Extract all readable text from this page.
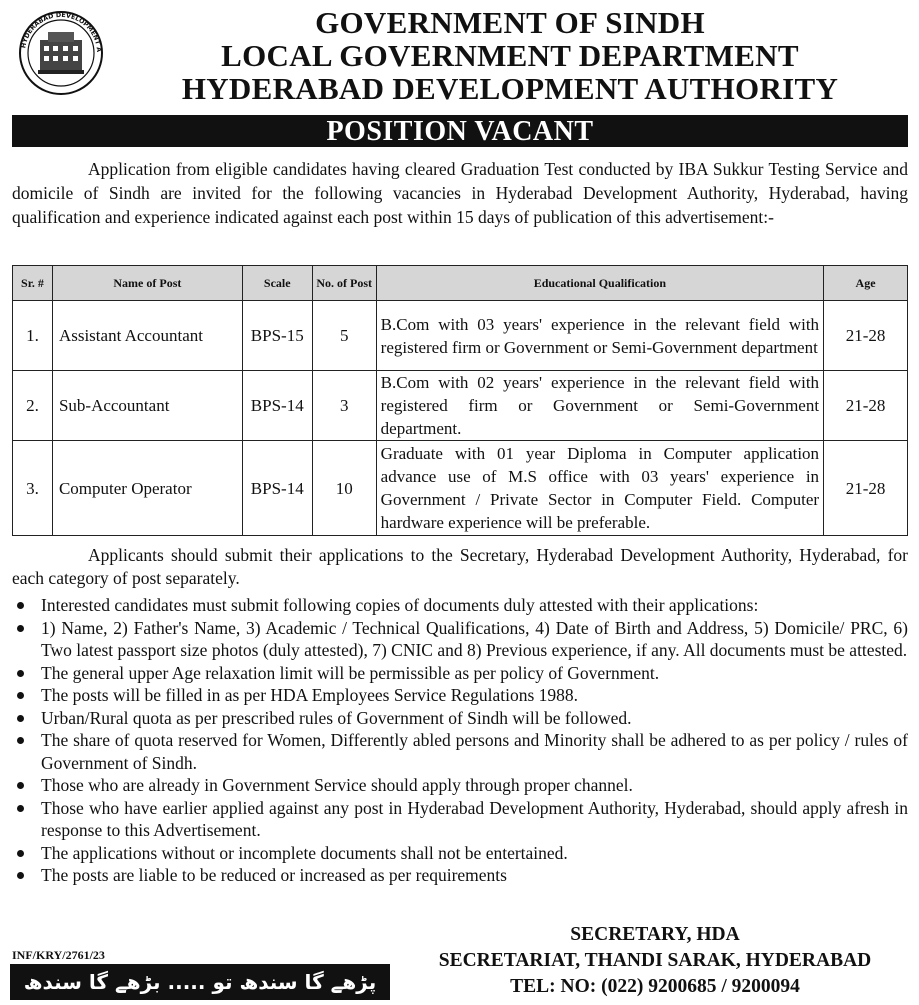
HYDERABAD DEVELOPMENT A
GOVERNMENT OF SINDH
LOCAL GOVERNMENT DEPARTMENT
HYDERABAD DEVELOPMENT AUTHORITY
POSITION VACANT
Application from eligible candidates having cleared Graduation Test conducted by IBA Sukkur Testing Service and domicile of Sindh are invited for the following vacancies in Hyderabad Development Authority, Hyderabad, having qualification and experience indicated against each post within 15 days of publication of this advertisement:-
Sr. #	Name of Post	Scale	No. of Post	Educational Qualification	Age
1.	Assistant Accountant	BPS-15	5	B.Com with 03 years' experience in the relevant field with registered firm or Government or Semi-Government department	21-28
2.	Sub-Accountant	BPS-14	3	B.Com with 02 years' experience in the relevant field with registered firm or Government or Semi-Government department.	21-28
3.	Computer Operator	BPS-14	10	Graduate with 01 year Diploma in Computer application advance use of M.S office with 03 years' experience in Government / Private Sector in Computer Field. Computer hardware experience will be preferable.	21-28
Applicants should submit their applications to the Secretary, Hyderabad Development Authority, Hyderabad, for each category of post separately.
Interested candidates must submit following copies of documents duly attested with their applications:
1) Name, 2) Father's Name, 3) Academic / Technical Qualifications, 4) Date of Birth and Address, 5) Domicile/ PRC, 6) Two latest passport size photos (duly attested), 7) CNIC and 8) Previous experience, if any. All documents must be attested.
The general upper Age relaxation limit will be permissible as per policy of Government.
The posts will be filled in as per HDA Employees Service Regulations 1988.
Urban/Rural quota as per prescribed rules of Government of Sindh will be followed.
The share of quota reserved for Women, Differently abled persons and Minority shall be adhered to as per policy / rules of Government of Sindh.
Those who are already in Government Service should apply through proper channel.
Those who have earlier applied against any post in Hyderabad Development Authority, Hyderabad, should apply afresh in response to this Advertisement.
The applications without or incomplete documents shall not be entertained.
The posts are liable to be reduced or increased as per requirements
INF/KRY/2761/23
پڑھے گا سندھ تو ..... بڑھے گا سندھ
SECRETARY, HDA
SECRETARIAT, THANDI SARAK, HYDERABAD
TEL: NO: (022) 9200685 / 9200094
